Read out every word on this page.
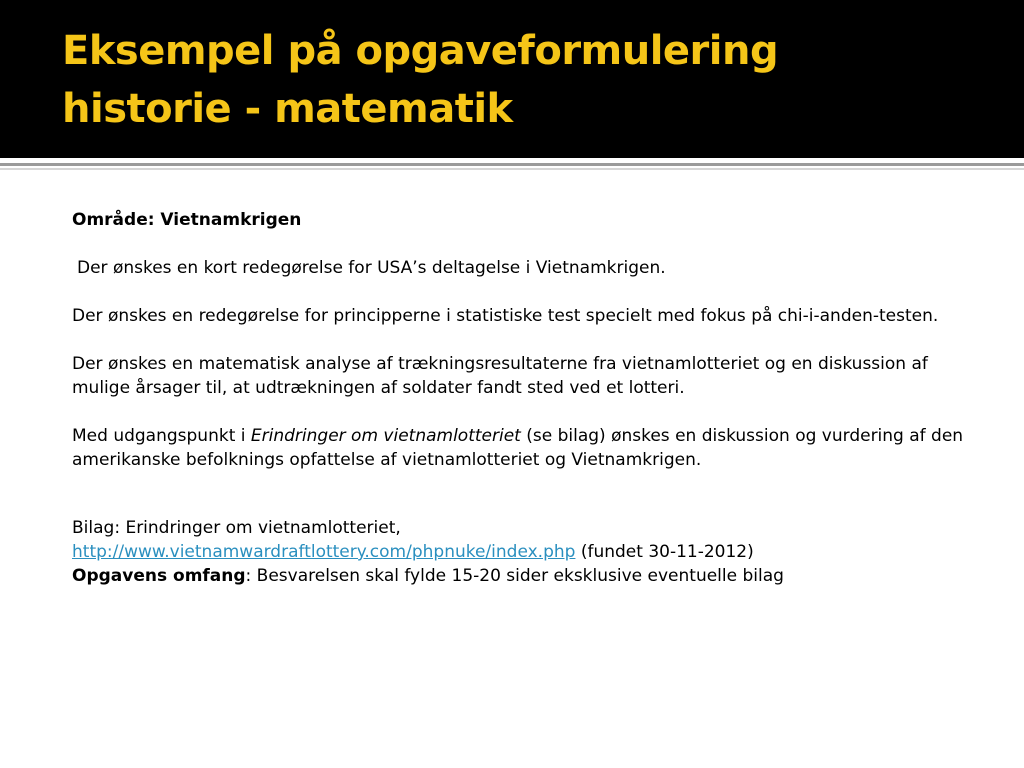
Eksempel på opgaveformulering
historie - matematik

Område: Vietnamkrigen

Der ønskes en kort redegørelse for USA’s deltagelse i Vietnamkrigen.

Der ønskes en redegørelse for principperne i statistiske test specielt med fokus på chi-i-anden-testen.

Der ønskes en matematisk analyse af trækningsresultaterne fra vietnamlotteriet og en diskussion af mulige årsager til, at udtrækningen af soldater fandt sted ved et lotteri.

Med udgangspunkt i Erindringer om vietnamlotteriet (se bilag) ønskes en diskussion og vurdering af den amerikanske befolknings opfattelse af vietnamlotteriet og Vietnamkrigen.

Bilag: Erindringer om vietnamlotteriet,

http://www.vietnamwardraftlottery.com/phpnuke/index.php (fundet 30-11-2012)

Opgavens omfang: Besvarelsen skal fylde 15-20 sider eksklusive eventuelle bilag
